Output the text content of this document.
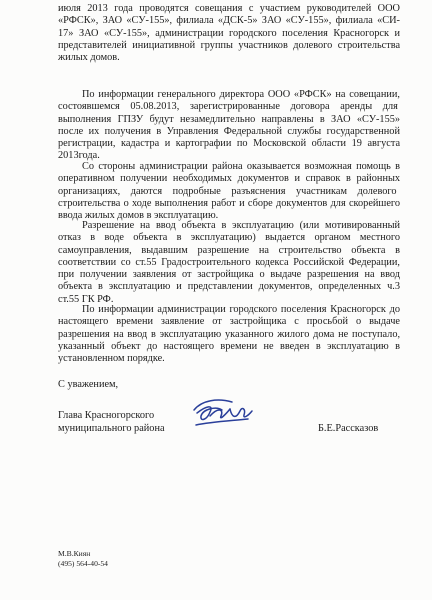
июля 2013 года проводятся совещания с участием руководителей ООО
«РФСК», ЗАО «СУ-155», филиала «ДСК-5» ЗАО «СУ-155», филиала «СИ-
17» ЗАО «СУ-155», администрации городского поселения Красногорск и
представителей инициативной группы участников долевого строительства
жилых домов.

По информации генерального директора ООО «РФСК» на совещании,
состоявшемся 05.08.2013, зарегистрированные договора аренды для
выполнения ГПЗУ будут незамедлительно направлены в ЗАО «СУ-155»
после их получения в Управления Федеральной службы государственной
регистрации, кадастра и картографии по Московской области 19 августа
2013года.

Со стороны администрации района оказывается возможная помощь в
оперативном получении необходимых документов и справок в районных
организациях, даются подробные разъяснения участникам долевого
строительства о ходе выполнения работ и сборе документов для скорейшего
ввода жилых домов в эксплуатацию.

Разрешение на ввод объекта в эксплуатацию (или мотивированный
отказ в воде объекта в эксплуатацию) выдается органом местного
самоуправления, выдавшим разрешение на строительство объекта в
соответствии со ст.55 Градостроительного кодекса Российской Федерации,
при получении заявления от застройщика о выдаче разрешения на ввод
объекта в эксплуатацию и представлении документов, определенных ч.3
ст.55 ГК РФ.

По информации администрации городского поселения Красногорск до
настоящего времени заявление от застройщика с просьбой о выдаче
разрешения на ввод в эксплуатацию указанного жилого дома не поступало,
указанный объект до настоящего времени не введен в эксплуатацию в
установленном порядке.

С уважением,
Глава Красногорского
муниципального района	Б.Е.Рассказов
М.В.Киян
(495) 564-40-54
